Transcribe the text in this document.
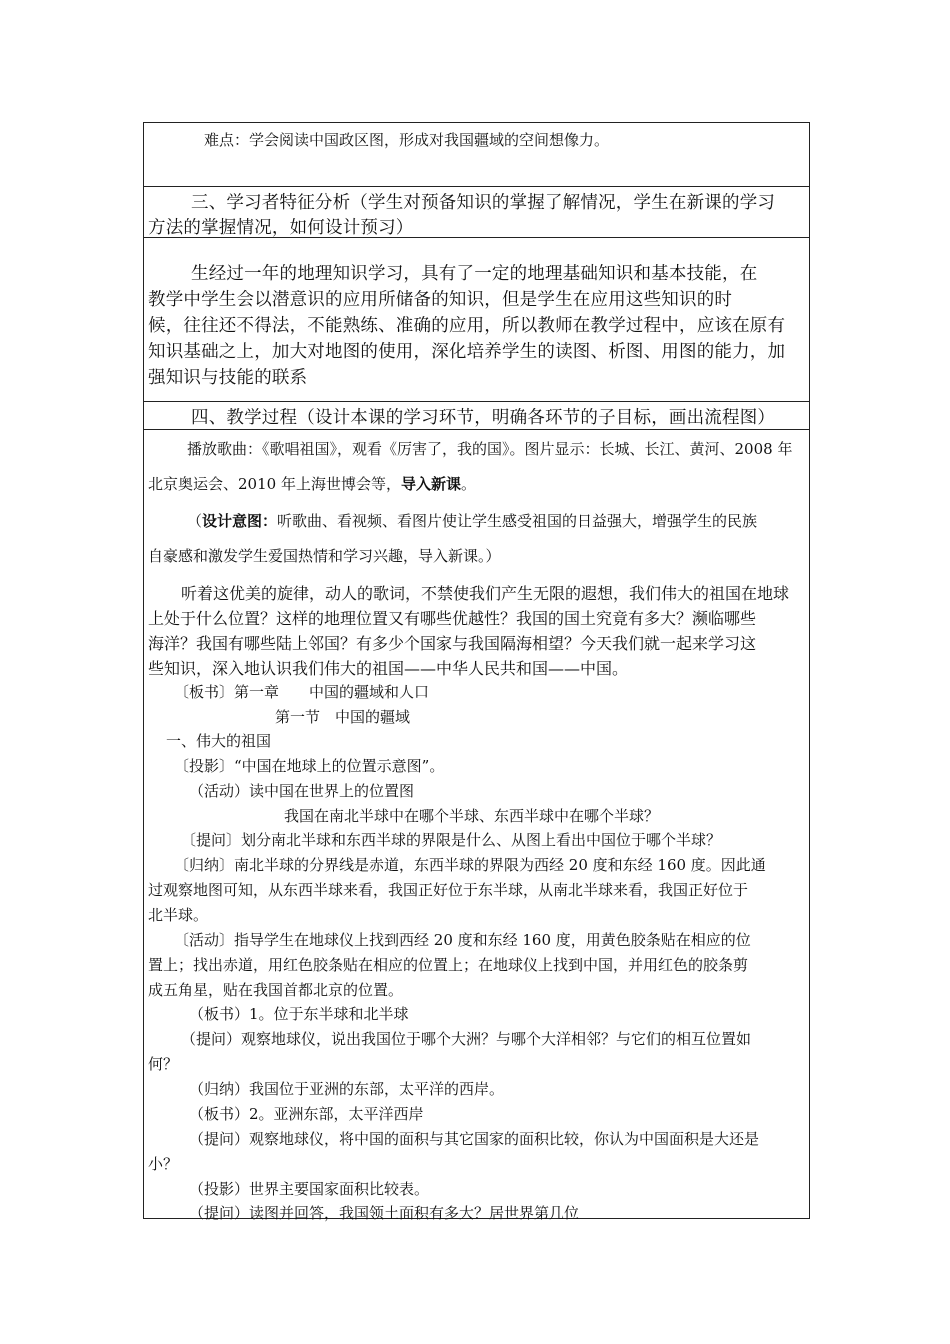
难点：学会阅读中国政区图，形成对我国疆域的空间想像力。
三、学习者特征分析（学生对预备知识的掌握了解情况，学生在新课的学习
方法的掌握情况，如何设计预习）
生经过一年的地理知识学习，具有了一定的地理基础知识和基本技能，在
教学中学生会以潜意识的应用所储备的知识，但是学生在应用这些知识的时
候，往往还不得法，不能熟练、准确的应用，所以教师在教学过程中，应该在原有
知识基础之上，加大对地图的使用，深化培养学生的读图、析图、用图的能力，加
强知识与技能的联系
四、教学过程（设计本课的学习环节，明确各环节的子目标，画出流程图）
播放歌曲：《歌唱祖国》，观看《厉害了，我的国》。图片显示：长城、长江、黄河、2008 年
北京奥运会、2010 年上海世博会等，导入新课。
（设计意图：听歌曲、看视频、看图片使让学生感受祖国的日益强大，增强学生的民族
自豪感和激发学生爱国热情和学习兴趣，导入新课。）
听着这优美的旋律，动人的歌词，不禁使我们产生无限的遐想，我们伟大的祖国在地球
上处于什么位置？这样的地理位置又有哪些优越性？我国的国土究竟有多大？濒临哪些
海洋？我国有哪些陆上邻国？有多少个国家与我国隔海相望？今天我们就一起来学习这
些知识，深入地认识我们伟大的祖国——中华人民共和国——中国。
〔板书〕第一章　　中国的疆域和人口
第一节　中国的疆域
一、伟大的祖国
〔投影〕“中国在地球上的位置示意图”。
（活动）读中国在世界上的位置图
我国在南北半球中在哪个半球、东西半球中在哪个半球？
〔提问〕划分南北半球和东西半球的界限是什么、从图上看出中国位于哪个半球？
〔归纳〕南北半球的分界线是赤道，东西半球的界限为西经 20 度和东经 160 度。因此通
过观察地图可知，从东西半球来看，我国正好位于东半球，从南北半球来看，我国正好位于
北半球。
〔活动〕指导学生在地球仪上找到西经 20 度和东经 160 度，用黄色胶条贴在相应的位
置上；找出赤道，用红色胶条贴在相应的位置上；在地球仪上找到中国，并用红色的胶条剪
成五角星，贴在我国首都北京的位置。
（板书）1。位于东半球和北半球
（提问）观察地球仪，说出我国位于哪个大洲？与哪个大洋相邻？与它们的相互位置如
何？
（归纳）我国位于亚洲的东部，太平洋的西岸。
（板书）2。亚洲东部，太平洋西岸
（提问）观察地球仪，将中国的面积与其它国家的面积比较，你认为中国面积是大还是
小？
（投影）世界主要国家面积比较表。
（提问）读图并回答，我国领土面积有多大？居世界第几位
